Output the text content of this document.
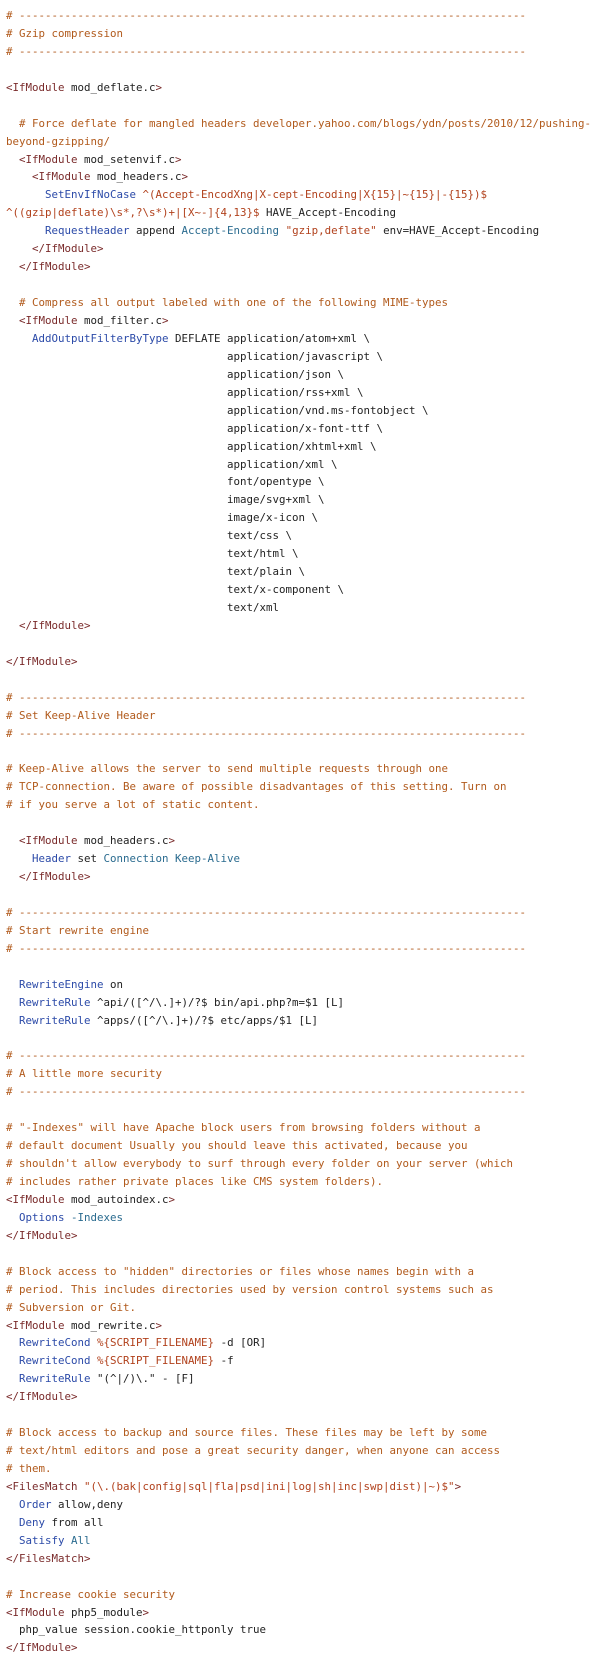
# ------------------------------------------------------------------------------
# Gzip compression
# ------------------------------------------------------------------------------

<IfModule mod_deflate.c>

# Force deflate for mangled headers developer.yahoo.com/blogs/ydn/posts/2010/12/pushing-beyond-gzipping/
<IfModule mod_setenvif.c>
<IfModule mod_headers.c>
SetEnvIfNoCase ^(Accept-EncodXng|X-cept-Encoding|X{15}|~{15}|-{15})$ ^((gzip|deflate)\s*,?\s*)+|[X~-]{4,13}$ HAVE_Accept-Encoding
RequestHeader append Accept-Encoding "gzip,deflate" env=HAVE_Accept-Encoding
</IfModule>
</IfModule>

# Compress all output labeled with one of the following MIME-types
<IfModule mod_filter.c>
AddOutputFilterByType DEFLATE application/atom+xml \
application/javascript \
application/json \
application/rss+xml \
application/vnd.ms-fontobject \
application/x-font-ttf \
application/xhtml+xml \
application/xml \
font/opentype \
image/svg+xml \
image/x-icon \
text/css \
text/html \
text/plain \
text/x-component \
text/xml
</IfModule>

</IfModule>

# ------------------------------------------------------------------------------
# Set Keep-Alive Header
# ------------------------------------------------------------------------------

# Keep-Alive allows the server to send multiple requests through one
# TCP-connection. Be aware of possible disadvantages of this setting. Turn on
# if you serve a lot of static content.

<IfModule mod_headers.c>
Header set Connection Keep-Alive
</IfModule>

# ------------------------------------------------------------------------------
# Start rewrite engine
# ------------------------------------------------------------------------------

RewriteEngine on
RewriteRule ^api/([^/\.]+)/?$ bin/api.php?m=$1 [L]
RewriteRule ^apps/([^/\.]+)/?$ etc/apps/$1 [L]

# ------------------------------------------------------------------------------
# A little more security
# ------------------------------------------------------------------------------

# "-Indexes" will have Apache block users from browsing folders without a
# default document Usually you should leave this activated, because you
# shouldn't allow everybody to surf through every folder on your server (which
# includes rather private places like CMS system folders).
<IfModule mod_autoindex.c>
Options -Indexes
</IfModule>

# Block access to "hidden" directories or files whose names begin with a
# period. This includes directories used by version control systems such as
# Subversion or Git.
<IfModule mod_rewrite.c>
RewriteCond %{SCRIPT_FILENAME} -d [OR]
RewriteCond %{SCRIPT_FILENAME} -f
RewriteRule "(^|/)\." - [F]
</IfModule>

# Block access to backup and source files. These files may be left by some
# text/html editors and pose a great security danger, when anyone can access
# them.
<FilesMatch "(\.(bak|config|sql|fla|psd|ini|log|sh|inc|swp|dist)|~)$">
Order allow,deny
Deny from all
Satisfy All
</FilesMatch>

# Increase cookie security
<IfModule php5_module>
php_value session.cookie_httponly true
</IfModule>
